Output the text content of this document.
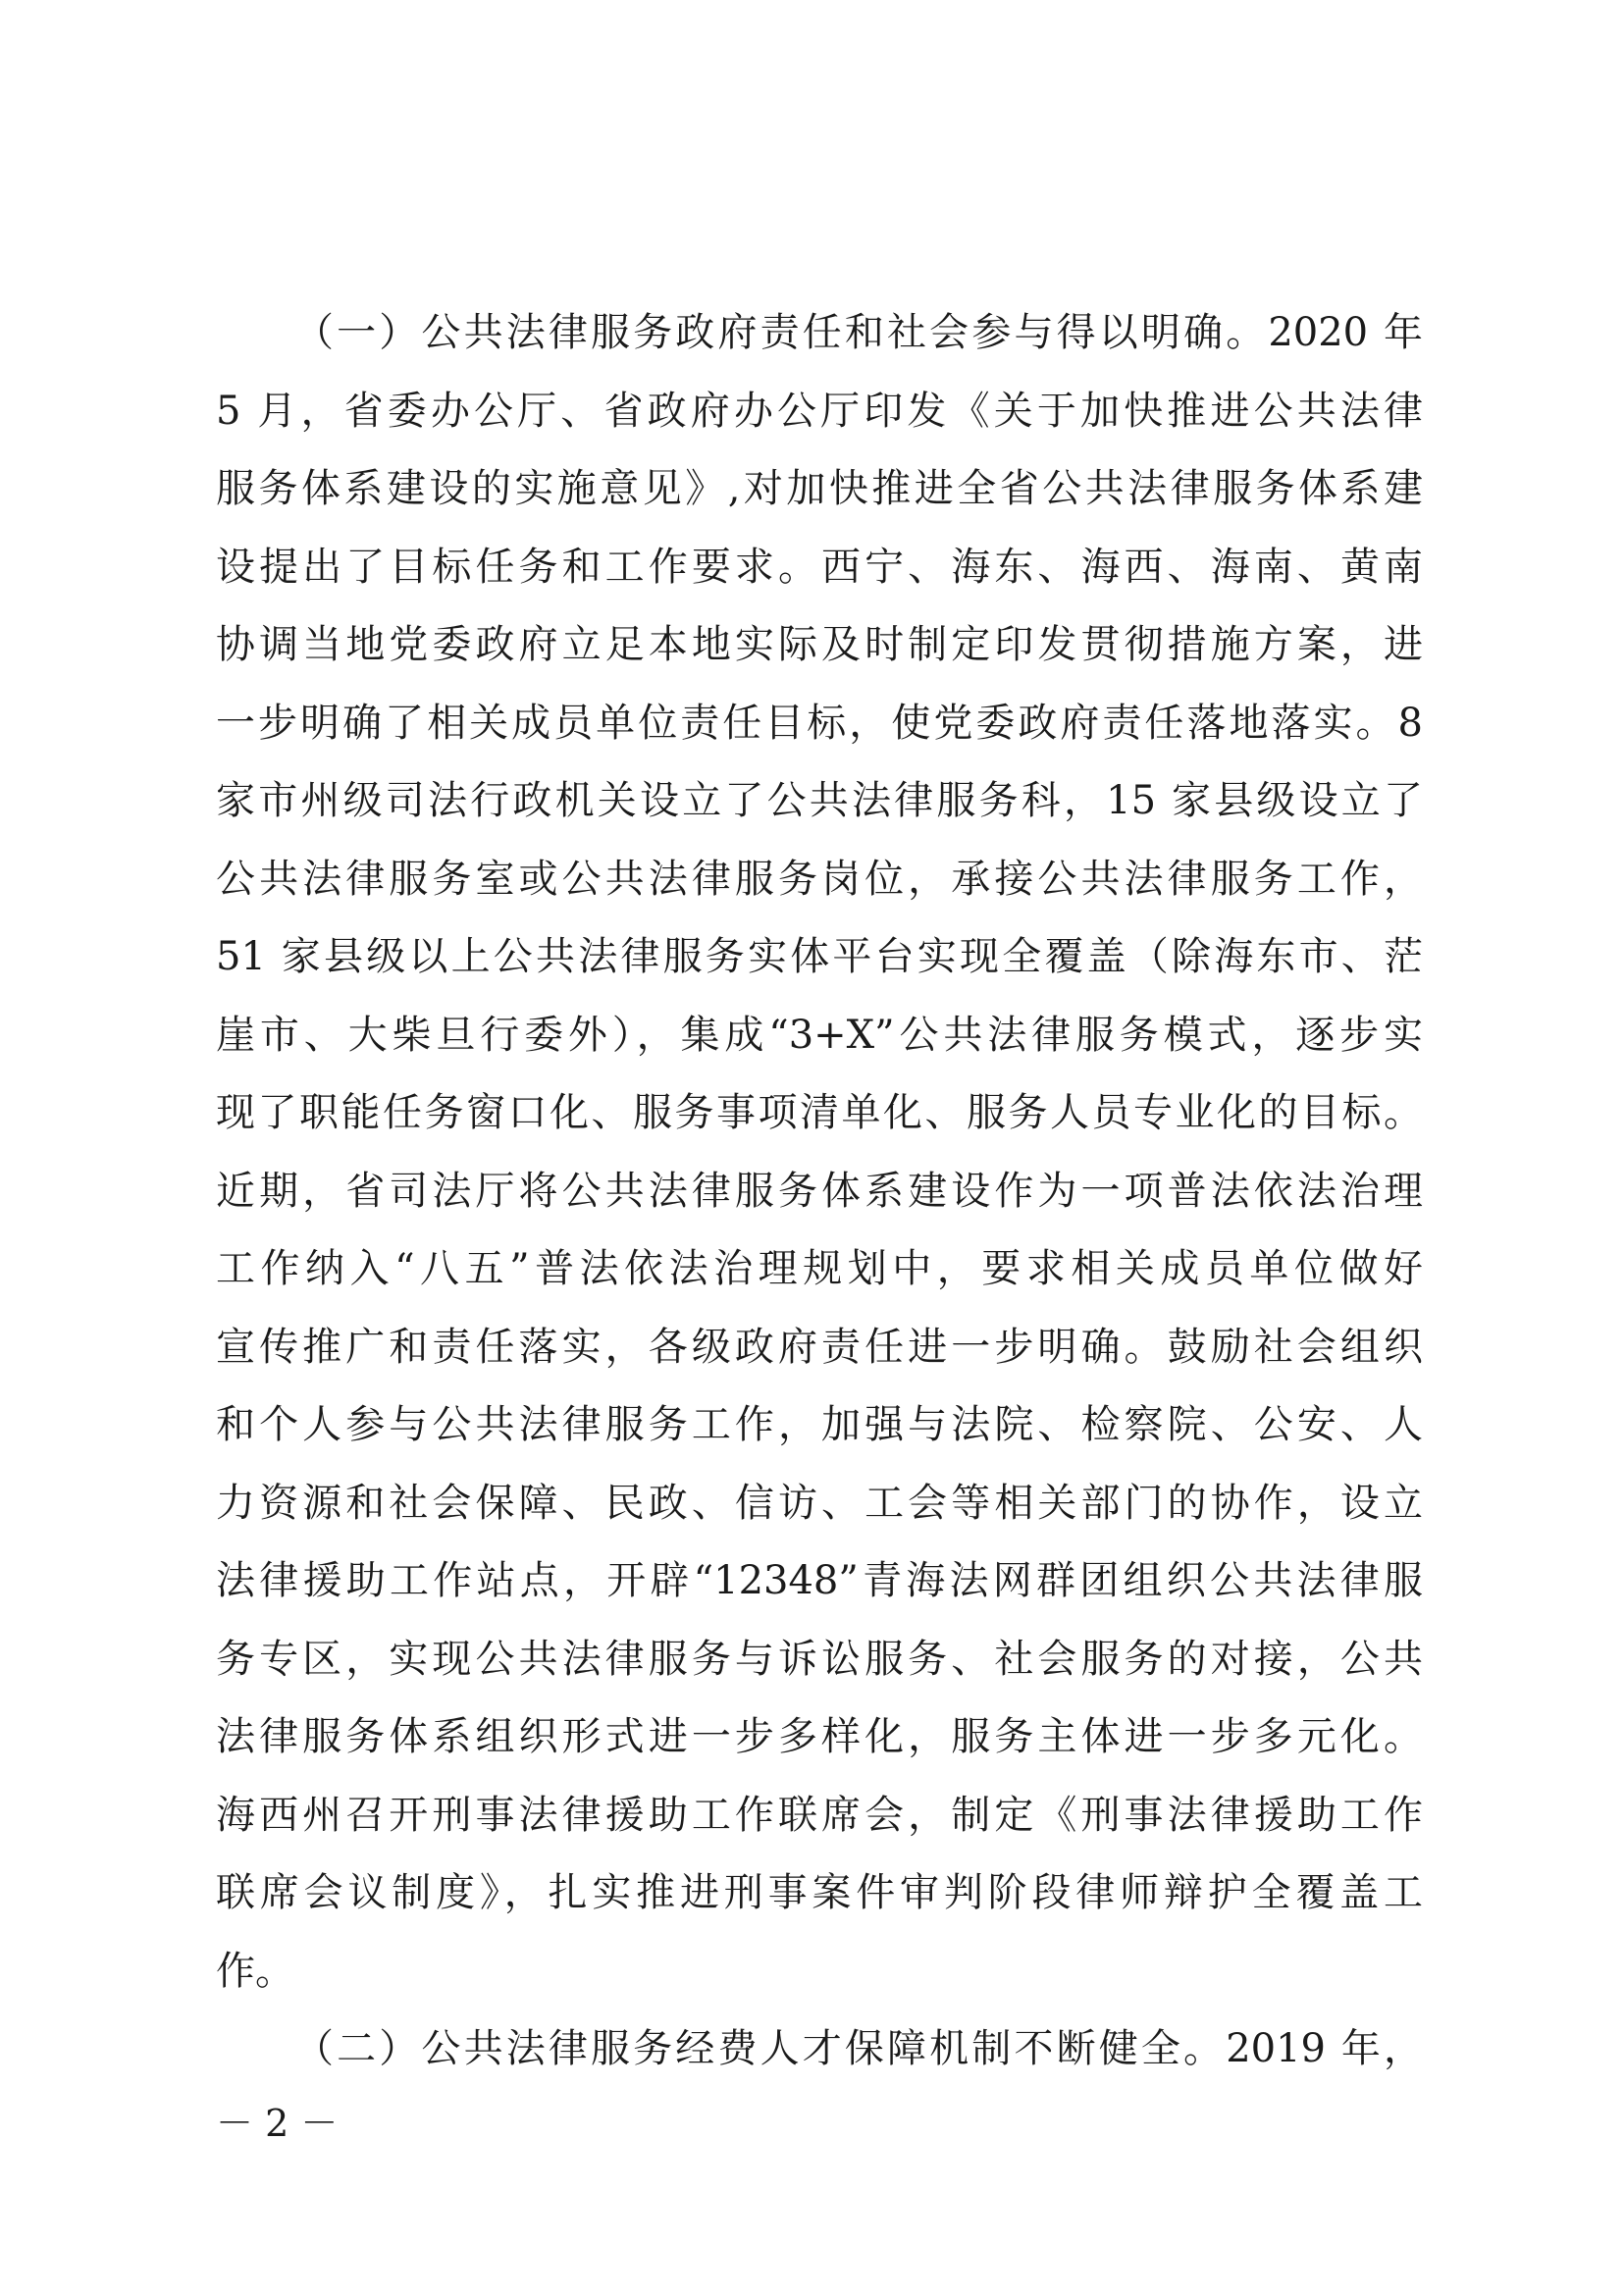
（一）公共法律服务政府责任和社会参与得以明确。2020 年
5 月，省委办公厅、省政府办公厅印发《关于加快推进公共法律
服务体系建设的实施意见》,对加快推进全省公共法律服务体系建
设提出了目标任务和工作要求。西宁、海东、海西、海南、黄南
协调当地党委政府立足本地实际及时制定印发贯彻措施方案，进
一步明确了相关成员单位责任目标，使党委政府责任落地落实。8
家市州级司法行政机关设立了公共法律服务科，15 家县级设立了
公共法律服务室或公共法律服务岗位，承接公共法律服务工作，
51 家县级以上公共法律服务实体平台实现全覆盖（除海东市、茫
崖市、大柴旦行委外），集成“3+X”公共法律服务模式，逐步实
现了职能任务窗口化、服务事项清单化、服务人员专业化的目标。
近期，省司法厅将公共法律服务体系建设作为一项普法依法治理
工作纳入“八五”普法依法治理规划中，要求相关成员单位做好
宣传推广和责任落实，各级政府责任进一步明确。鼓励社会组织
和个人参与公共法律服务工作，加强与法院、检察院、公安、人
力资源和社会保障、民政、信访、工会等相关部门的协作，设立
法律援助工作站点，开辟“12348”青海法网群团组织公共法律服
务专区，实现公共法律服务与诉讼服务、社会服务的对接，公共
法律服务体系组织形式进一步多样化，服务主体进一步多元化。
海西州召开刑事法律援助工作联席会，制定《刑事法律援助工作
联席会议制度》，扎实推进刑事案件审判阶段律师辩护全覆盖工
作。
（二）公共法律服务经费人才保障机制不断健全。2019 年，
－ 2 －
